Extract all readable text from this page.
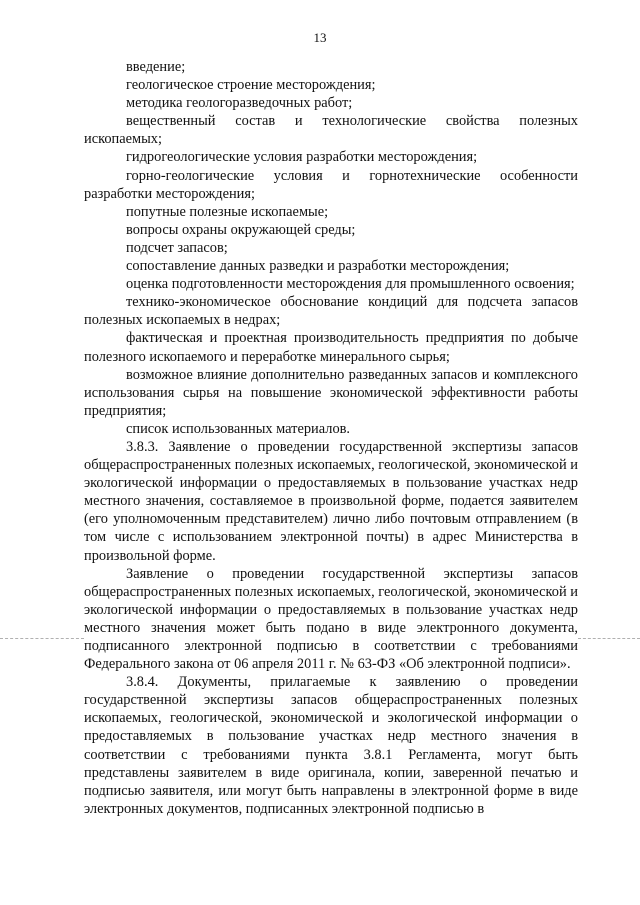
13

введение;

геологическое строение месторождения;

методика геологоразведочных работ;

вещественный состав и технологические свойства полезных ископаемых;

гидрогеологические условия разработки месторождения;

горно-геологические условия и горнотехнические особенности разработки месторождения;

попутные полезные ископаемые;

вопросы охраны окружающей среды;

подсчет запасов;

сопоставление данных разведки и разработки месторождения;

оценка подготовленности месторождения для промышленного освоения;

технико-экономическое обоснование кондиций для подсчета запасов полезных ископаемых в недрах;

фактическая и проектная производительность предприятия по добыче полезного ископаемого и переработке минерального сырья;

возможное влияние дополнительно разведанных запасов и комплексного использования сырья на повышение экономической эффективности работы предприятия;

список использованных материалов.

3.8.3. Заявление о проведении государственной экспертизы запасов общераспространенных полезных ископаемых, геологической, экономической и экологической информации о предоставляемых в пользование участках недр местного значения, составляемое в произвольной форме, подается заявителем (его уполномоченным представителем) лично либо почтовым отправлением (в том числе с использованием электронной почты) в адрес Министерства в произвольной форме.

Заявление о проведении государственной экспертизы запасов общераспространенных полезных ископаемых, геологической, экономической и экологической информации о предоставляемых в пользование участках недр местного значения может быть подано в виде электронного документа, подписанного электронной подписью в соответствии с требованиями Федерального закона от 06 апреля 2011 г. № 63-ФЗ «Об электронной подписи».

3.8.4. Документы, прилагаемые к заявлению о проведении государственной экспертизы запасов общераспространенных полезных ископаемых, геологической, экономической и экологической информации о предоставляемых в пользование участках недр местного значения в соответствии с требованиями пункта 3.8.1 Регламента, могут быть представлены заявителем в виде оригинала, копии, заверенной печатью и подписью заявителя, или могут быть направлены в электронной форме в виде электронных документов, подписанных электронной подписью в
